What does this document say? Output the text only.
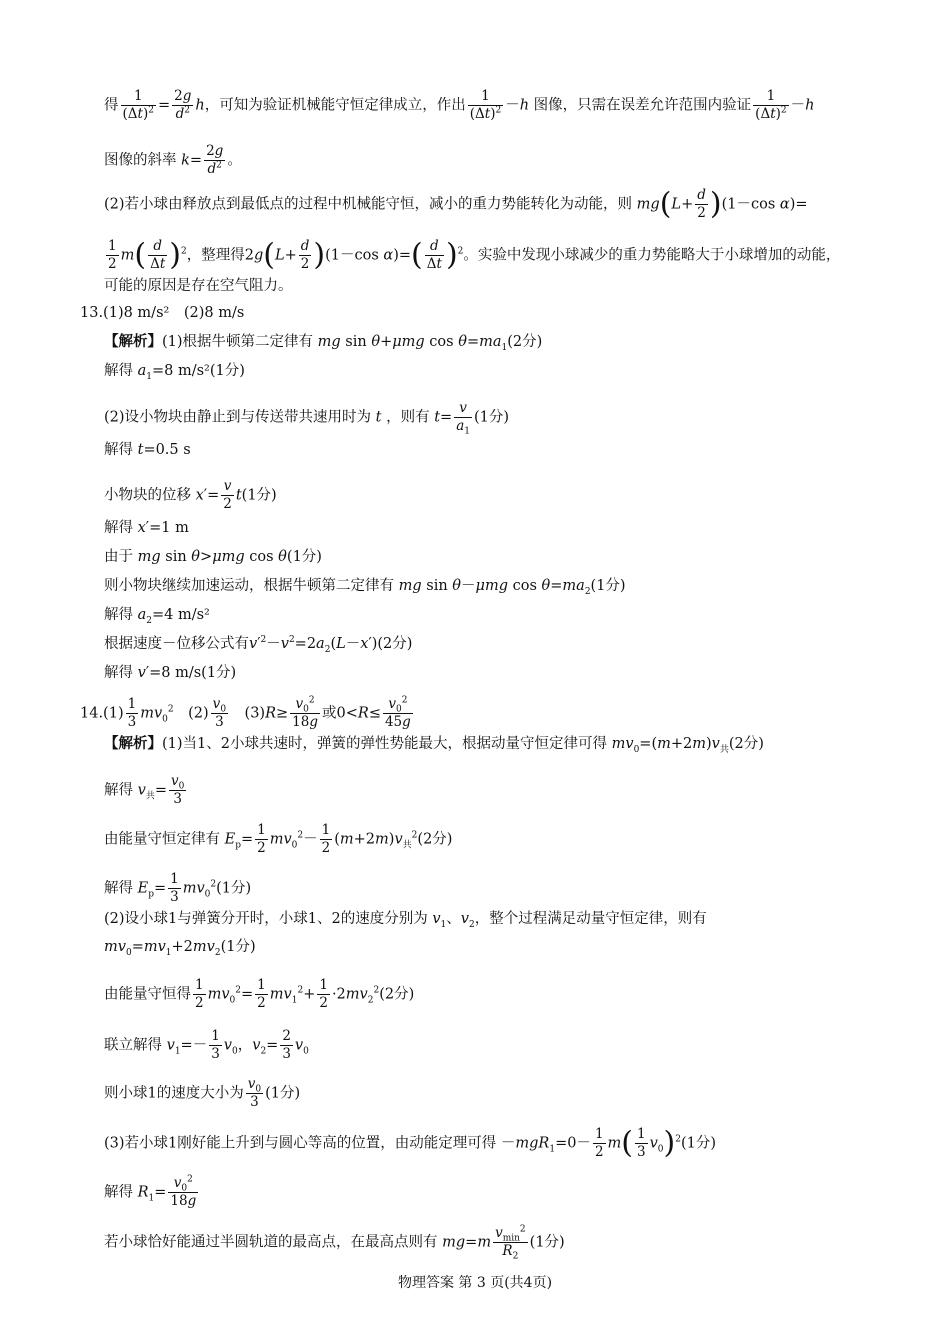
得 $\frac{1}{(\Delta t)^2} = \frac{2g}{d^2}$ h，可知为验证机械能守恒定律成立，作出 $\frac{1}{(\Delta t)^2} -h$ 图像，只需在误差允许范围内验证 $\frac{1}{(\Delta t)^2} -h$
图像的斜率 $k= \frac{2g}{d^2}$ 。
(2)若小球由释放点到最低点的过程中机械能守恒，减小的重力势能转化为动能，则 $mg(L+ \frac{d}{2} )(1-\cos$ α)=
$\frac{1}{2} m( \frac{d}{\Delta t} )^2$，整理得$2g(L+ \frac{d}{2} )(1-\cos$ $\alpha)=( \frac{d}{\Delta t} )^2$。实验中发现小球减少的重力势能略大于小球增加的动能，
可能的原因是存在空气阻力。
13.(1)8 m/s²　(2)8 m/s
【解析】(1)根据牛顿第二定律有 mg sin θ+μmg $\cos \theta=ma_1(2$分)
解得 $a_1=8$ m/s²(1分)
(2)设小物块由静止到与传送带共速用时为 t ，则有 $t= \frac{v}{a_1} (1$分)
解得 t=0.5 s
小物块的位移 $x'= \frac{v}{2} t(1$分)
解得 x′=1 m
由于 mg sin θ>μmg cos θ(1分)
则小物块继续加速运动，根据牛顿第二定律有 mg sin θ－μmg $\cos \theta=ma_2(1$分)
解得 $a_2=4$ m/s²
根据速度－位移公式有$v'^2-v^2=2a_2(L-x')(2$分)
解得 v′=8 m/s(1分)
$14.(1) \frac{1}{3} mv_0^2$　 $(2) \frac{v_0}{3}$
　 $(3)R\ge \frac{v_0^2}{18g}$ 或$0<R\le \frac{v_0^2}{45g}$
【解析】(1)当1、2小球共速时，弹簧的弹性势能最大，根据动量守恒定律可得 $mv_0=(m+2m)v_共(2$分)
解得 $v_共= \frac{v_0}{3}$
由能量守恒定律有 $E_p= \frac{1}{2} mv_0^2- \frac{1}{2} (m+2m)v_共^2(2$分)
解得 $E_p= \frac{1}{3} mv_0^2(1$分)
(2)设小球1与弹簧分开时，小球1、2的速度分别为 $v_1$、$v_2$，整个过程满足动量守恒定律，则有
$mv_0=mv_1+2mv_2(1$分)
由能量守恒得 $\frac{1}{2} mv_0^2= \frac{1}{2} mv_1^2+ \frac{1}{2} \cdot 2mv_2^2(2$分)
联立解得 $v_1=- \frac{1}{3} v_0$，$v_2= \frac{2}{3} v_0$
则小球1的速度大小为 $\frac{v_0}{3} (1$分)
(3)若小球1刚好能上升到与圆心等高的位置，由动能定理可得 $-mgR_1=0- \frac{1}{2} m( \frac{1}{3} v_0)^2(1$分)
解得 $R_1= \frac{v_0^2}{18g}$
若小球恰好能通过半圆轨道的最高点，在最高点则有 $mg=m \frac{v_{min}^2}{R_2} (1$分)
物理答案 第 3 页(共4页)
